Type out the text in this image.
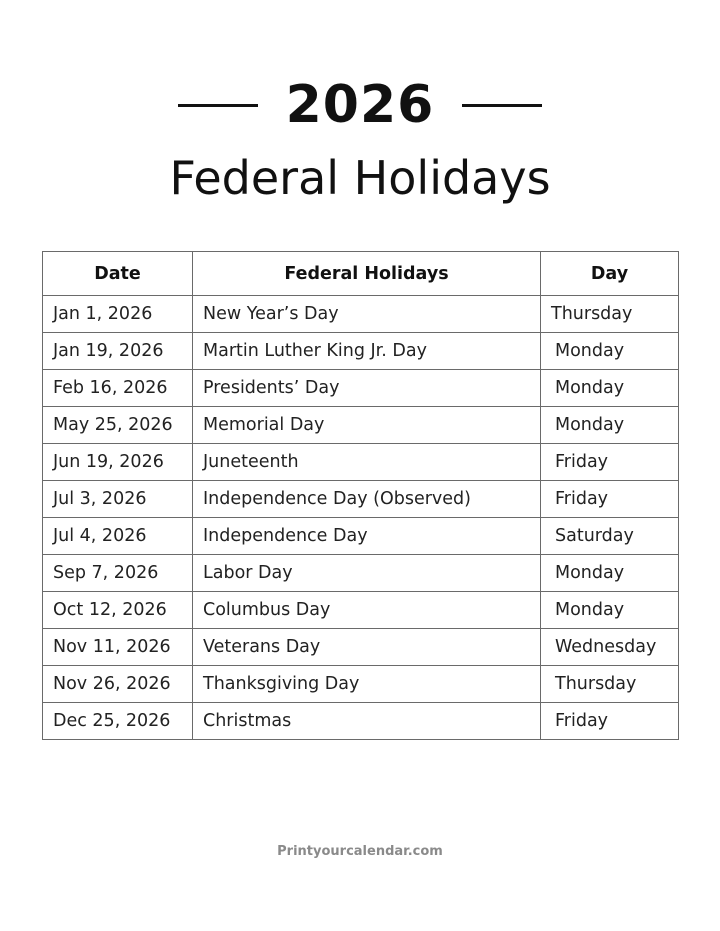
2026
Federal Holidays
Date	Federal Holidays	Day
Jan 1, 2026	New Year’s Day	Thursday
Jan 19, 2026	Martin Luther King Jr. Day	Monday
Feb 16, 2026	Presidents’ Day	Monday
May 25, 2026	Memorial Day	Monday
Jun 19, 2026	Juneteenth	Friday
Jul 3, 2026	Independence Day (Observed)	Friday
Jul 4, 2026	Independence Day	Saturday
Sep 7, 2026	Labor Day	Monday
Oct 12, 2026	Columbus Day	Monday
Nov 11, 2026	Veterans Day	Wednesday
Nov 26, 2026	Thanksgiving Day	Thursday
Dec 25, 2026	Christmas	Friday
Printyourcalendar.com
